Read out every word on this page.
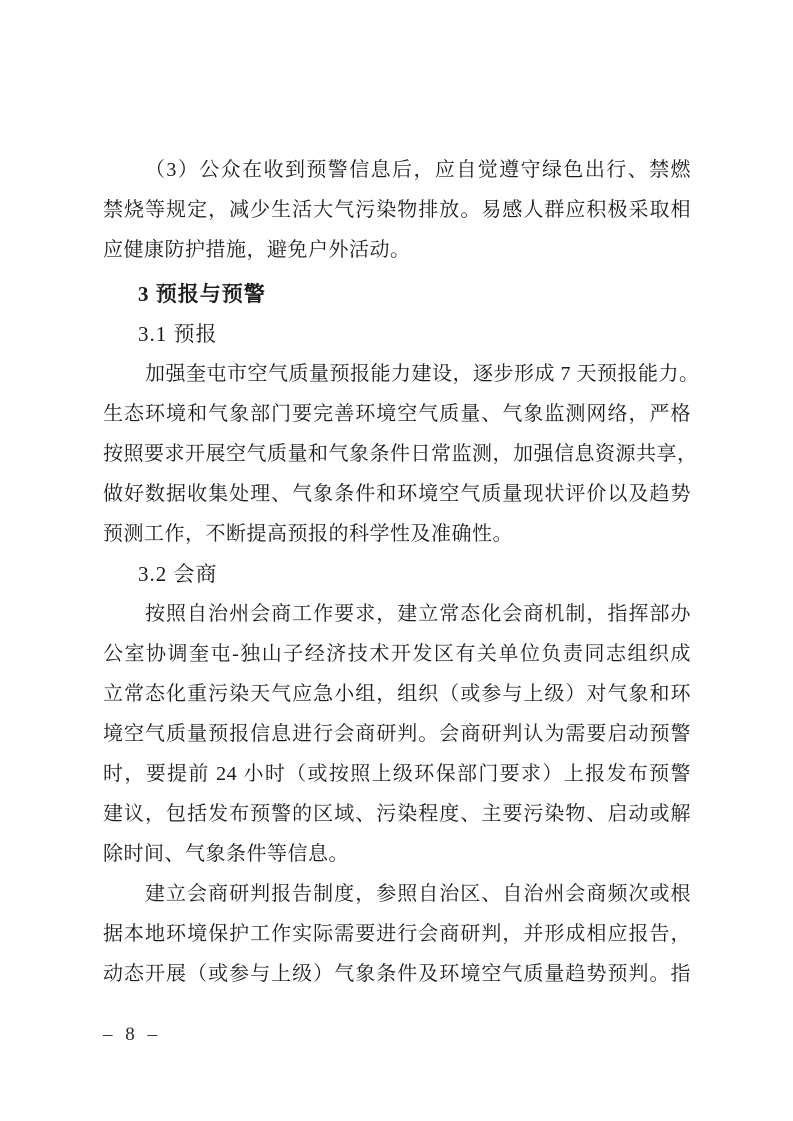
（3）公众在收到预警信息后，应自觉遵守绿色出行、禁燃
禁烧等规定，减少生活大气污染物排放。易感人群应积极采取相
应健康防护措施，避免户外活动。
3 预报与预警
3.1 预报
加强奎屯市空气质量预报能力建设，逐步形成 7 天预报能力。
生态环境和气象部门要完善环境空气质量、气象监测网络，严格
按照要求开展空气质量和气象条件日常监测，加强信息资源共享，
做好数据收集处理、气象条件和环境空气质量现状评价以及趋势
预测工作，不断提高预报的科学性及准确性。
3.2 会商
按照自治州会商工作要求，建立常态化会商机制，指挥部办
公室协调奎屯-独山子经济技术开发区有关单位负责同志组织成
立常态化重污染天气应急小组，组织（或参与上级）对气象和环
境空气质量预报信息进行会商研判。会商研判认为需要启动预警
时，要提前 24 小时（或按照上级环保部门要求）上报发布预警
建议，包括发布预警的区域、污染程度、主要污染物、启动或解
除时间、气象条件等信息。
建立会商研判报告制度，参照自治区、自治州会商频次或根
据本地环境保护工作实际需要进行会商研判，并形成相应报告，
动态开展（或参与上级）气象条件及环境空气质量趋势预判。指
– 8 –
